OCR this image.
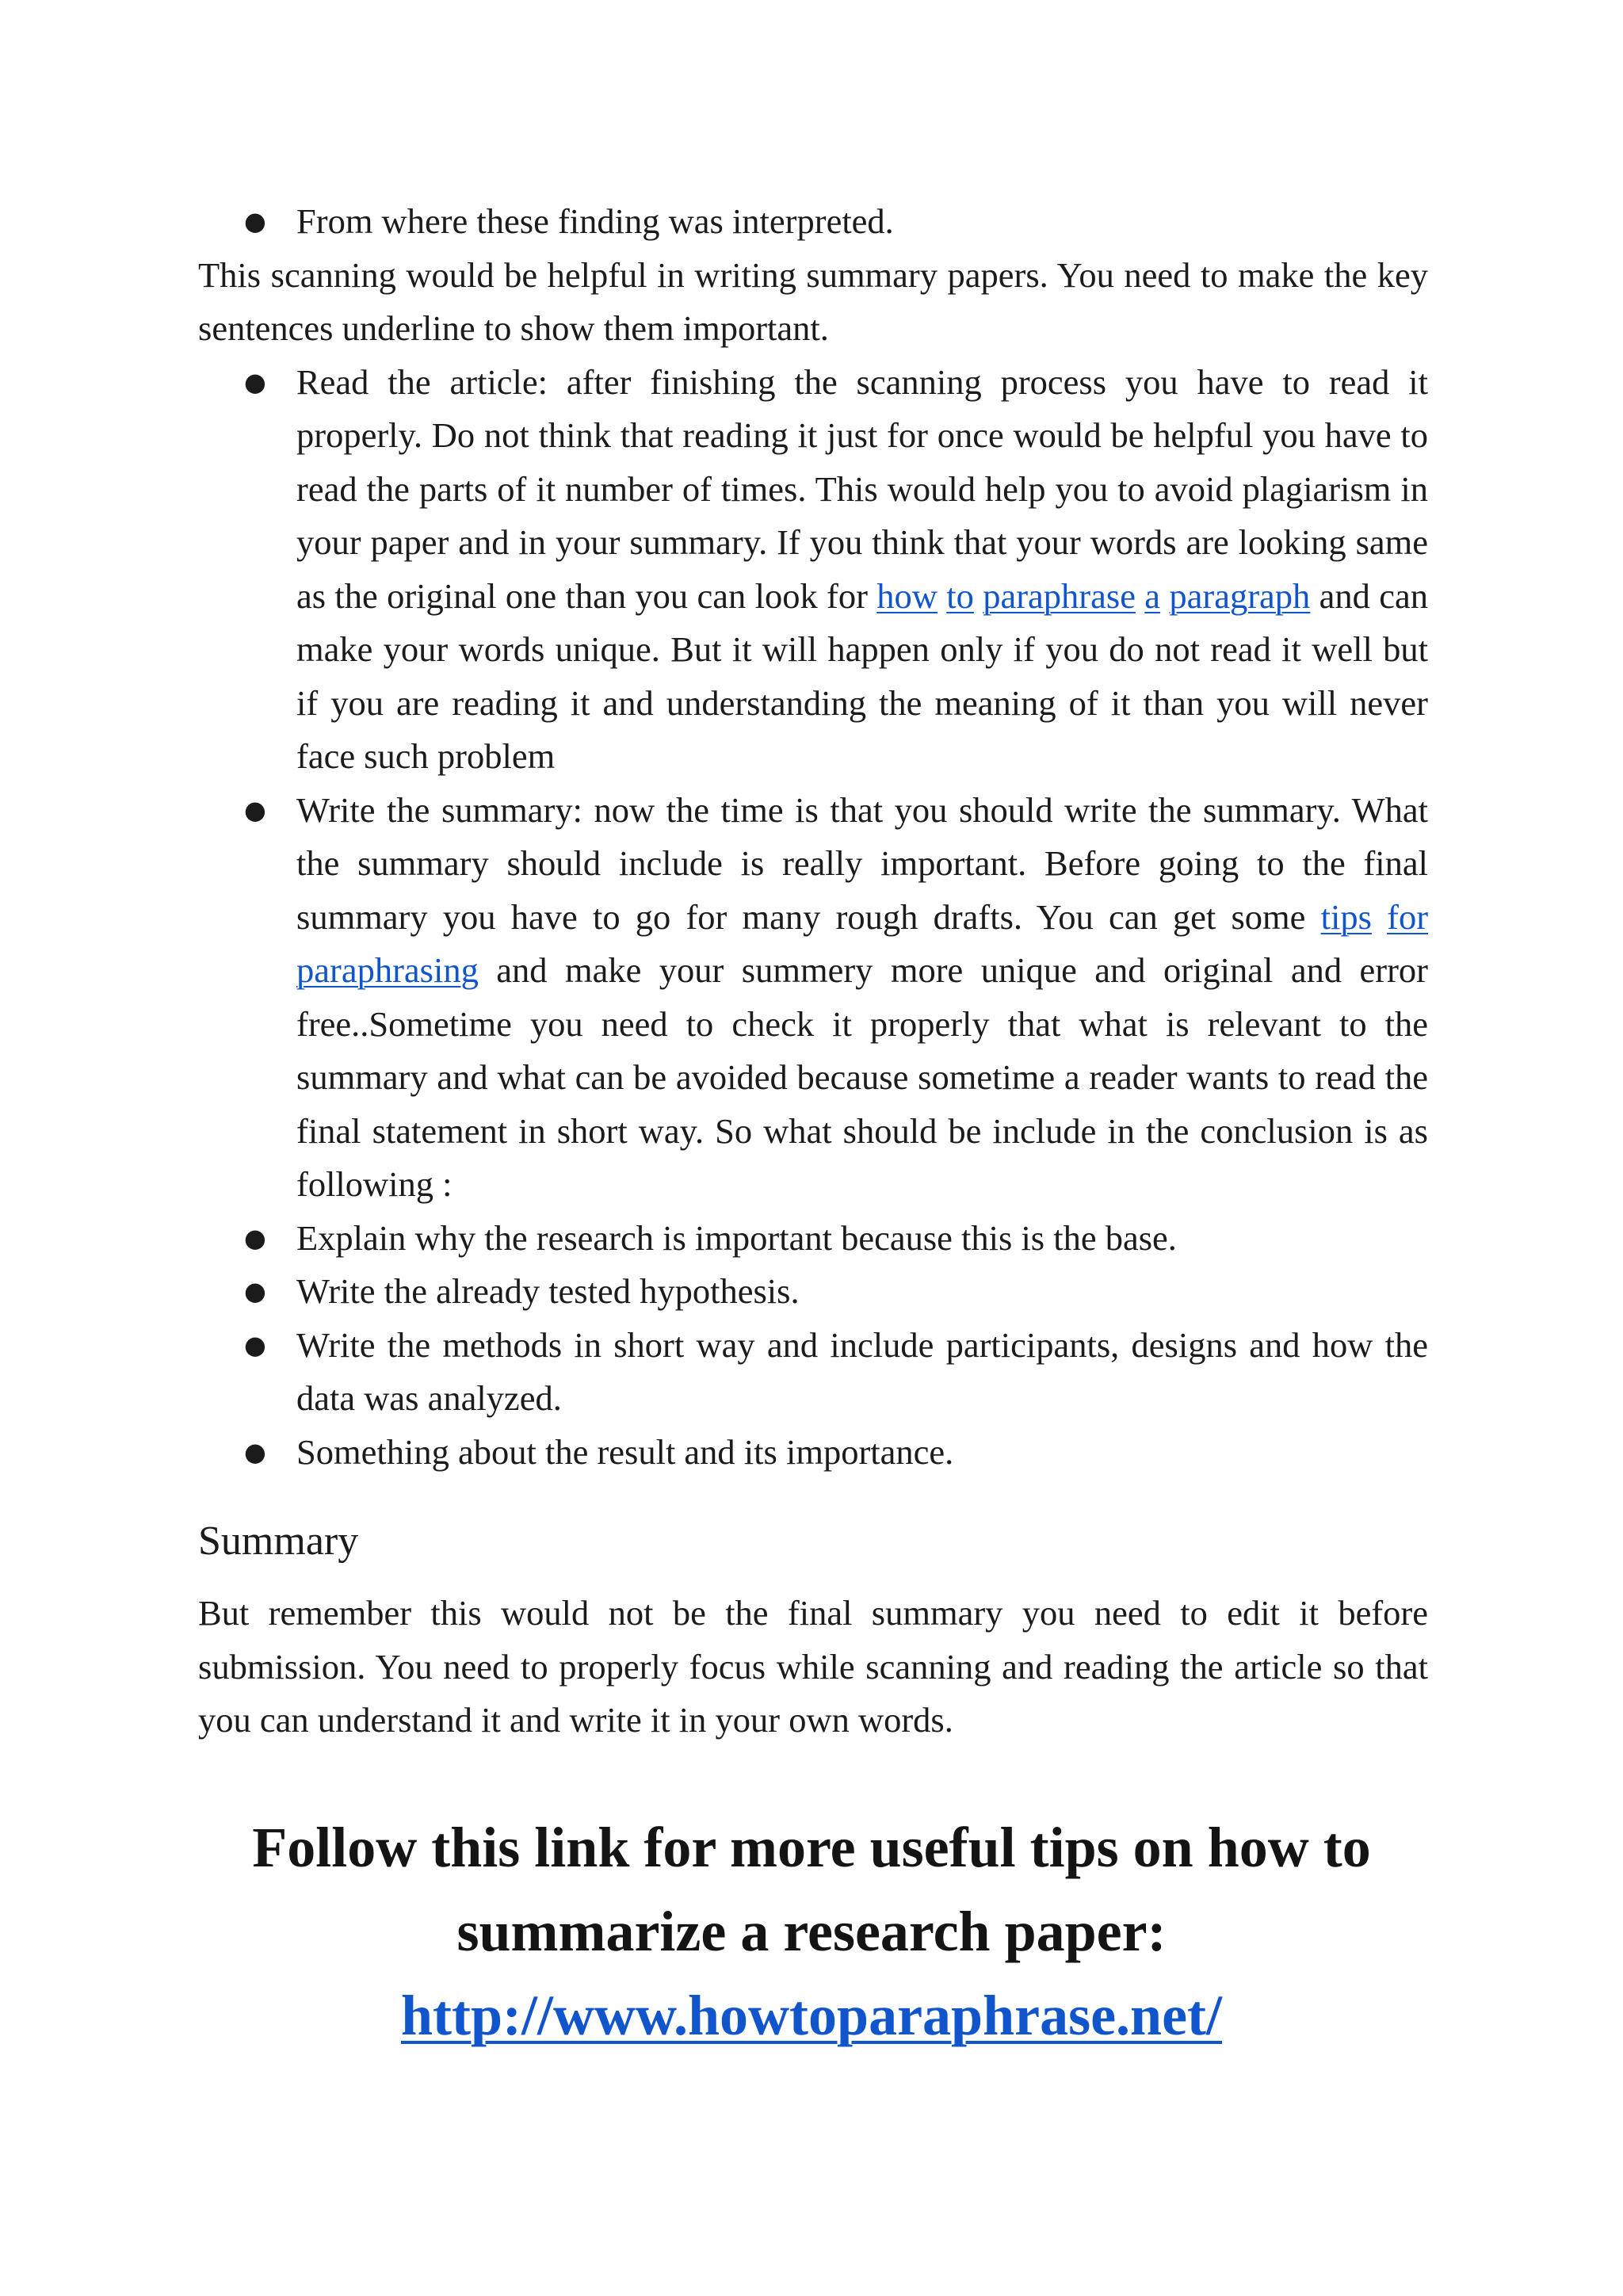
● From where these finding was interpreted.

This scanning would be helpful in writing summary papers. You need to make the key sentences underline to show them important.

● Read the article: after finishing the scanning process you have to read it properly. Do not think that reading it just for once would be helpful you have to read the parts of it number of times. This would help you to avoid plagiarism in your paper and in your summary. If you think that your words are looking same as the original one than you can look for how to paraphrase a paragraph and can make your words unique. But it will happen only if you do not read it well but if you are reading it and understanding the meaning of it than you will never face such problem
● Write the summary: now the time is that you should write the summary. What the summary should include is really important. Before going to the final summary you have to go for many rough drafts. You can get some tips for paraphrasing and make your summery more unique and original and error free..Sometime you need to check it properly that what is relevant to the summary and what can be avoided because sometime a reader wants to read the final statement in short way. So what should be include in the conclusion is as following :
● Explain why the research is important because this is the base.
● Write the already tested hypothesis.
● Write the methods in short way and include participants, designs and how the data was analyzed.
● Something about the result and its importance.
Summary

But remember this would not be the final summary you need to edit it before submission. You need to properly focus while scanning and reading the article so that you can understand it and write it in your own words.

Follow this link for more useful tips on how to summarize a research paper:
http://www.howtoparaphrase.net/
